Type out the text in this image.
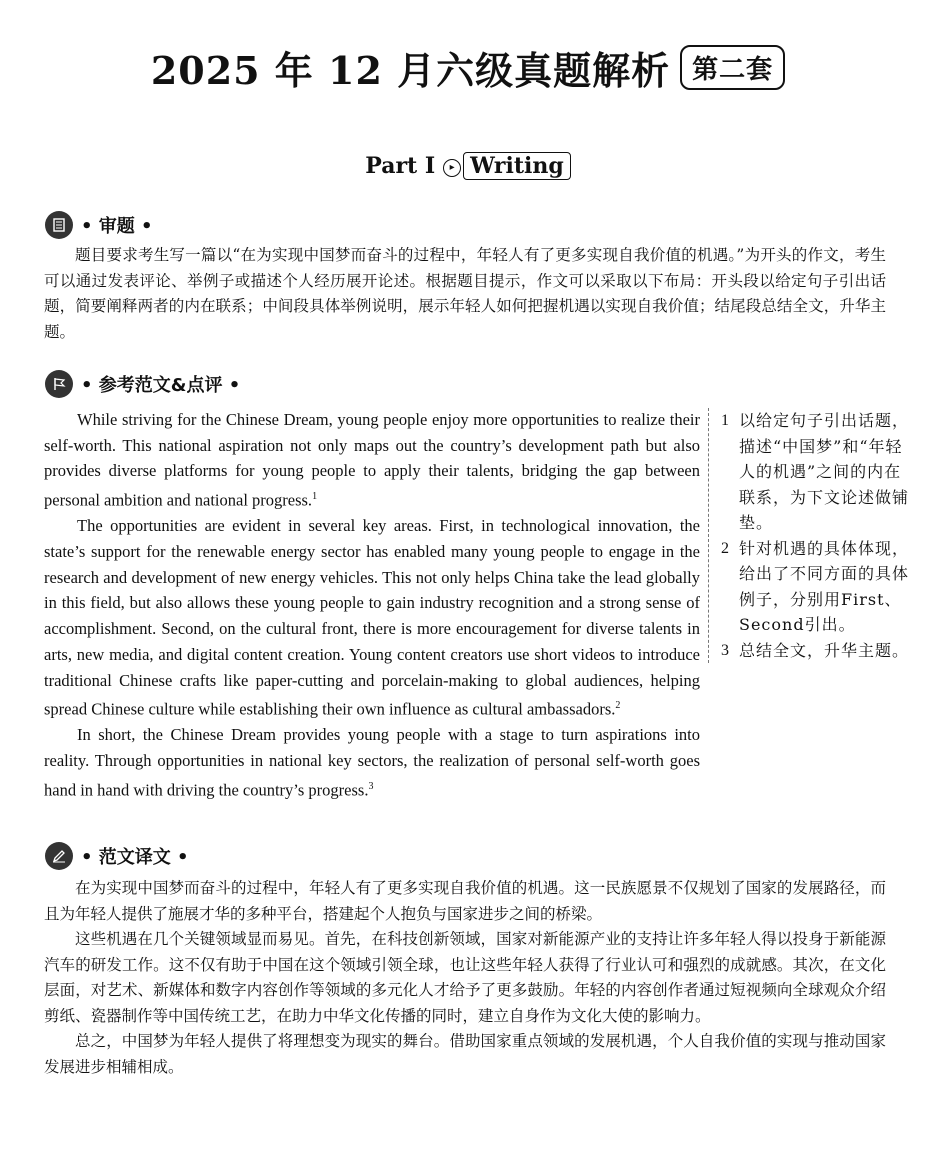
2025 年 12 月六级真题解析 第二套
Part I ▸ Writing
• 审题 •

题目要求考生写一篇以“在为实现中国梦而奋斗的过程中，年轻人有了更多实现自我价值的机遇。”为开头的作文，考生可以通过发表评论、举例子或描述个人经历展开论述。根据题目提示，作文可以采取以下布局：开头段以给定句子引出话题，简要阐释两者的内在联系；中间段具体举例说明，展示年轻人如何把握机遇以实现自我价值；结尾段总结全文，升华主题。

• 参考范文&点评 •

While striving for the Chinese Dream, young people enjoy more opportunities to realize their self-worth. This national aspiration not only maps out the country’s development path but also provides diverse platforms for young people to apply their talents, bridging the gap between personal ambition and national progress.$^1$

The opportunities are evident in several key areas. First, in technological innovation, the state’s support for the renewable energy sector has enabled many young people to engage in the research and development of new energy vehicles. This not only helps China take the lead globally in this field, but also allows these young people to gain industry recognition and a strong sense of accomplishment. Second, on the cultural front, there is more encouragement for diverse talents in arts, new media, and digital content creation. Young content creators use short videos to introduce traditional Chinese crafts like paper-cutting and porcelain-making to global audiences, helping spread Chinese culture while establishing their own influence as cultural ambassadors.$^2$

In short, the Chinese Dream provides young people with a stage to turn aspirations into reality. Through opportunities in national key sectors, the realization of personal self-worth goes hand in hand with driving the country’s progress.$^3$

1 以给定句子引出话题，描述“中国梦”和“年轻人的机遇”之间的内在联系，为下文论述做铺垫。
2 针对机遇的具体体现，给出了不同方面的具体例子，分别用First、Second引出。
3 总结全文，升华主题。
• 范文译文 •

在为实现中国梦而奋斗的过程中，年轻人有了更多实现自我价值的机遇。这一民族愿景不仅规划了国家的发展路径，而且为年轻人提供了施展才华的多种平台，搭建起个人抱负与国家进步之间的桥梁。

这些机遇在几个关键领域显而易见。首先，在科技创新领域，国家对新能源产业的支持让许多年轻人得以投身于新能源汽车的研发工作。这不仅有助于中国在这个领域引领全球，也让这些年轻人获得了行业认可和强烈的成就感。其次，在文化层面，对艺术、新媒体和数字内容创作等领域的多元化人才给予了更多鼓励。年轻的内容创作者通过短视频向全球观众介绍剪纸、瓷器制作等中国传统工艺，在助力中华文化传播的同时，建立自身作为文化大使的影响力。

总之，中国梦为年轻人提供了将理想变为现实的舞台。借助国家重点领域的发展机遇，个人自我价值的实现与推动国家发展进步相辅相成。
